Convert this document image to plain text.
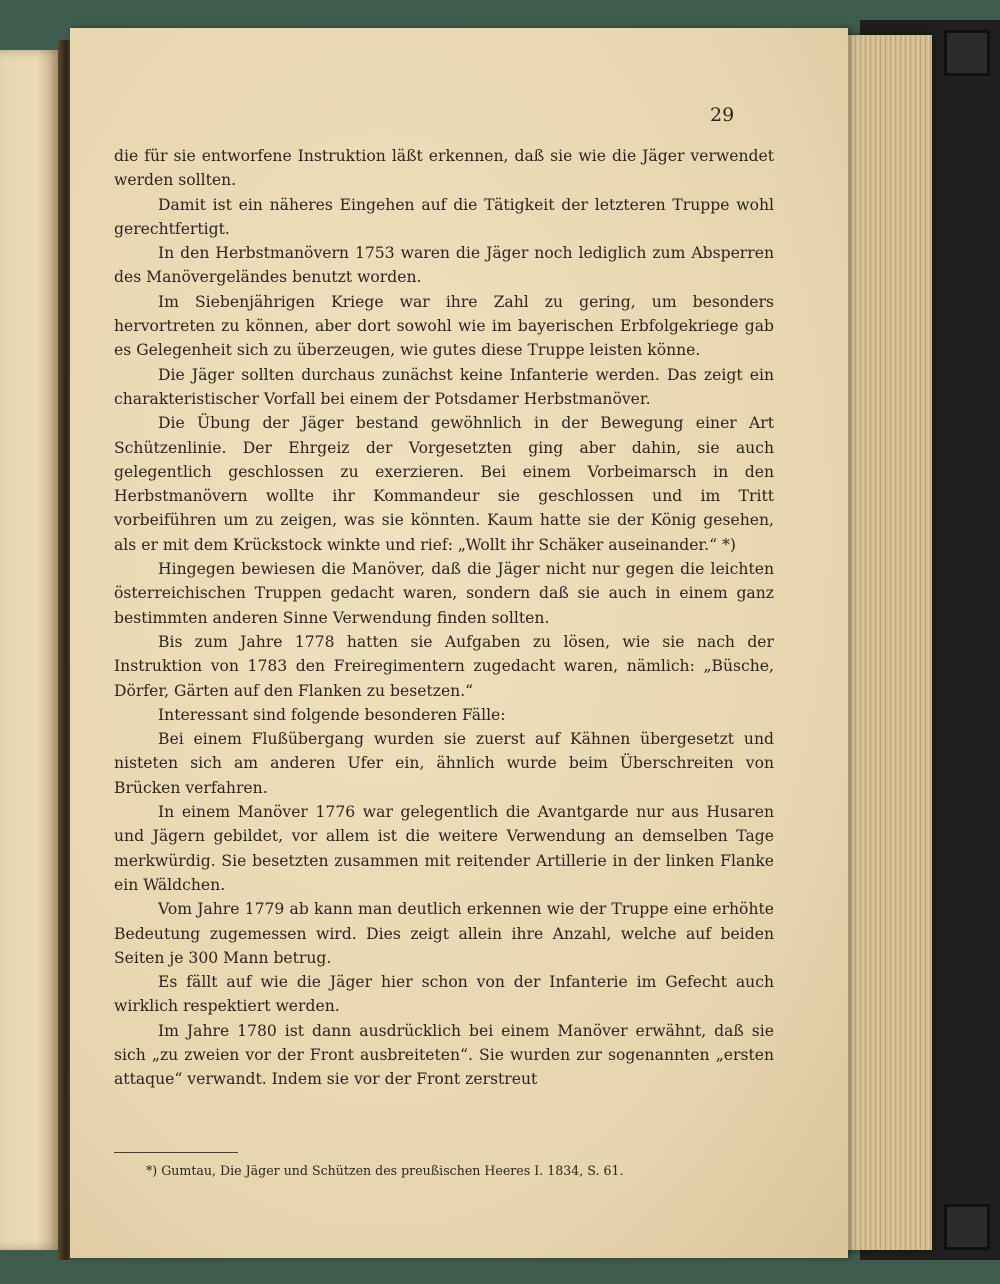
29

die für sie entworfene Instruktion läßt erkennen, daß sie wie die Jäger verwendet werden sollten.

Damit ist ein näheres Eingehen auf die Tätigkeit der letzteren Truppe wohl gerechtfertigt.

In den Herbstmanövern 1753 waren die Jäger noch lediglich zum Absperren des Manövergeländes benutzt worden.

Im Siebenjährigen Kriege war ihre Zahl zu gering, um besonders hervortreten zu können, aber dort sowohl wie im bayerischen Erbfolgekriege gab es Gelegenheit sich zu überzeugen, wie gutes diese Truppe leisten könne.

Die Jäger sollten durchaus zunächst keine Infanterie werden. Das zeigt ein charakteristischer Vorfall bei einem der Potsdamer Herbstmanöver.

Die Übung der Jäger bestand gewöhnlich in der Bewegung einer Art Schützenlinie. Der Ehrgeiz der Vorgesetzten ging aber dahin, sie auch gelegentlich geschlossen zu exerzieren. Bei einem Vorbeimarsch in den Herbstmanövern wollte ihr Kommandeur sie geschlossen und im Tritt vorbeiführen um zu zeigen, was sie könnten. Kaum hatte sie der König gesehen, als er mit dem Krückstock winkte und rief: „Wollt ihr Schäker auseinander.“ *)

Hingegen bewiesen die Manöver, daß die Jäger nicht nur gegen die leichten österreichischen Truppen gedacht waren, sondern daß sie auch in einem ganz bestimmten anderen Sinne Verwendung finden sollten.

Bis zum Jahre 1778 hatten sie Aufgaben zu lösen, wie sie nach der Instruktion von 1783 den Freiregimentern zugedacht waren, nämlich: „Büsche, Dörfer, Gärten auf den Flanken zu besetzen.“

Interessant sind folgende besonderen Fälle:

Bei einem Flußübergang wurden sie zuerst auf Kähnen übergesetzt und nisteten sich am anderen Ufer ein, ähnlich wurde beim Überschreiten von Brücken verfahren.

In einem Manöver 1776 war gelegentlich die Avantgarde nur aus Husaren und Jägern gebildet, vor allem ist die weitere Verwendung an demselben Tage merkwürdig. Sie besetzten zusammen mit reitender Artillerie in der linken Flanke ein Wäldchen.

Vom Jahre 1779 ab kann man deutlich erkennen wie der Truppe eine erhöhte Bedeutung zugemessen wird. Dies zeigt allein ihre Anzahl, welche auf beiden Seiten je 300 Mann betrug.

Es fällt auf wie die Jäger hier schon von der Infanterie im Gefecht auch wirklich respektiert werden.

Im Jahre 1780 ist dann ausdrücklich bei einem Manöver erwähnt, daß sie sich „zu zweien vor der Front ausbreiteten“. Sie wurden zur sogenannten „ersten attaque“ verwandt. Indem sie vor der Front zerstreut

*) Gumtau, Die Jäger und Schützen des preußischen Heeres I. 1834, S. 61.
